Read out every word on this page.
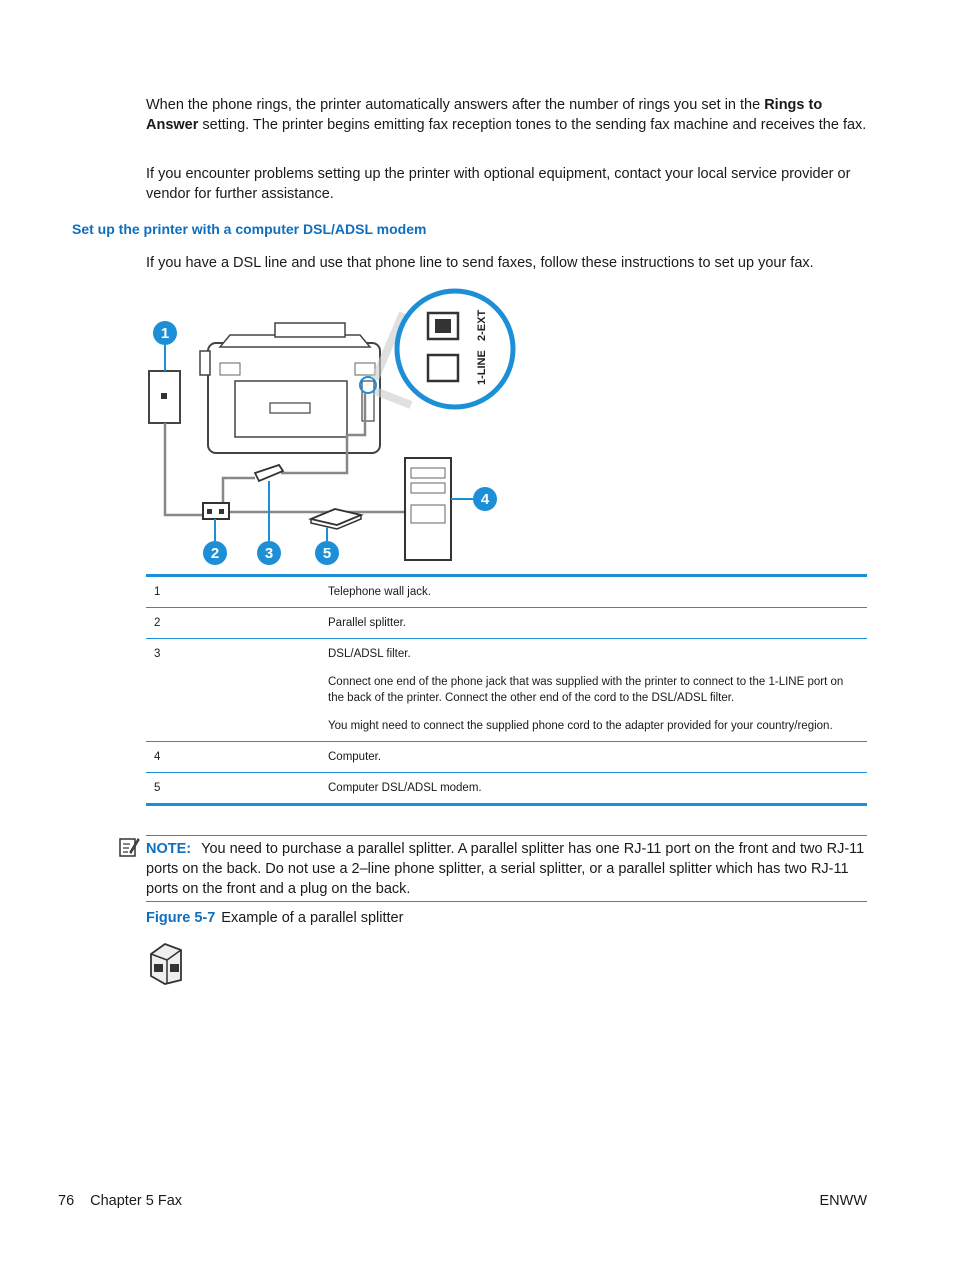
When the phone rings, the printer automatically answers after the number of rings you set in the Rings to Answer setting. The printer begins emitting fax reception tones to the sending fax machine and receives the fax.

If you encounter problems setting up the printer with optional equipment, contact your local service provider or vendor for further assistance.

Set up the printer with a computer DSL/ADSL modem

If you have a DSL line and use that phone line to send faxes, follow these instructions to set up your fax.

1-LINE
2-EXT
1
2	3
4
5
1	Telephone wall jack.
2	Parallel splitter.
3	DSL/ADSL filter.

Connect one end of the phone jack that was supplied with the printer to connect to the 1-LINE port on the back of the printer. Connect the other end of the cord to the DSL/ADSL filter.

You might need to connect the supplied phone cord to the adapter provided for your country/region.

4	Computer.
5	Computer DSL/ADSL modem.
NOTE: You need to purchase a parallel splitter. A parallel splitter has one RJ-11 port on the front and two RJ-11 ports on the back. Do not use a 2–line phone splitter, a serial splitter, or a parallel splitter which has two RJ-11 ports on the front and a plug on the back.
Figure 5-7 Example of a parallel splitter
76 Chapter 5 Fax	ENWW
